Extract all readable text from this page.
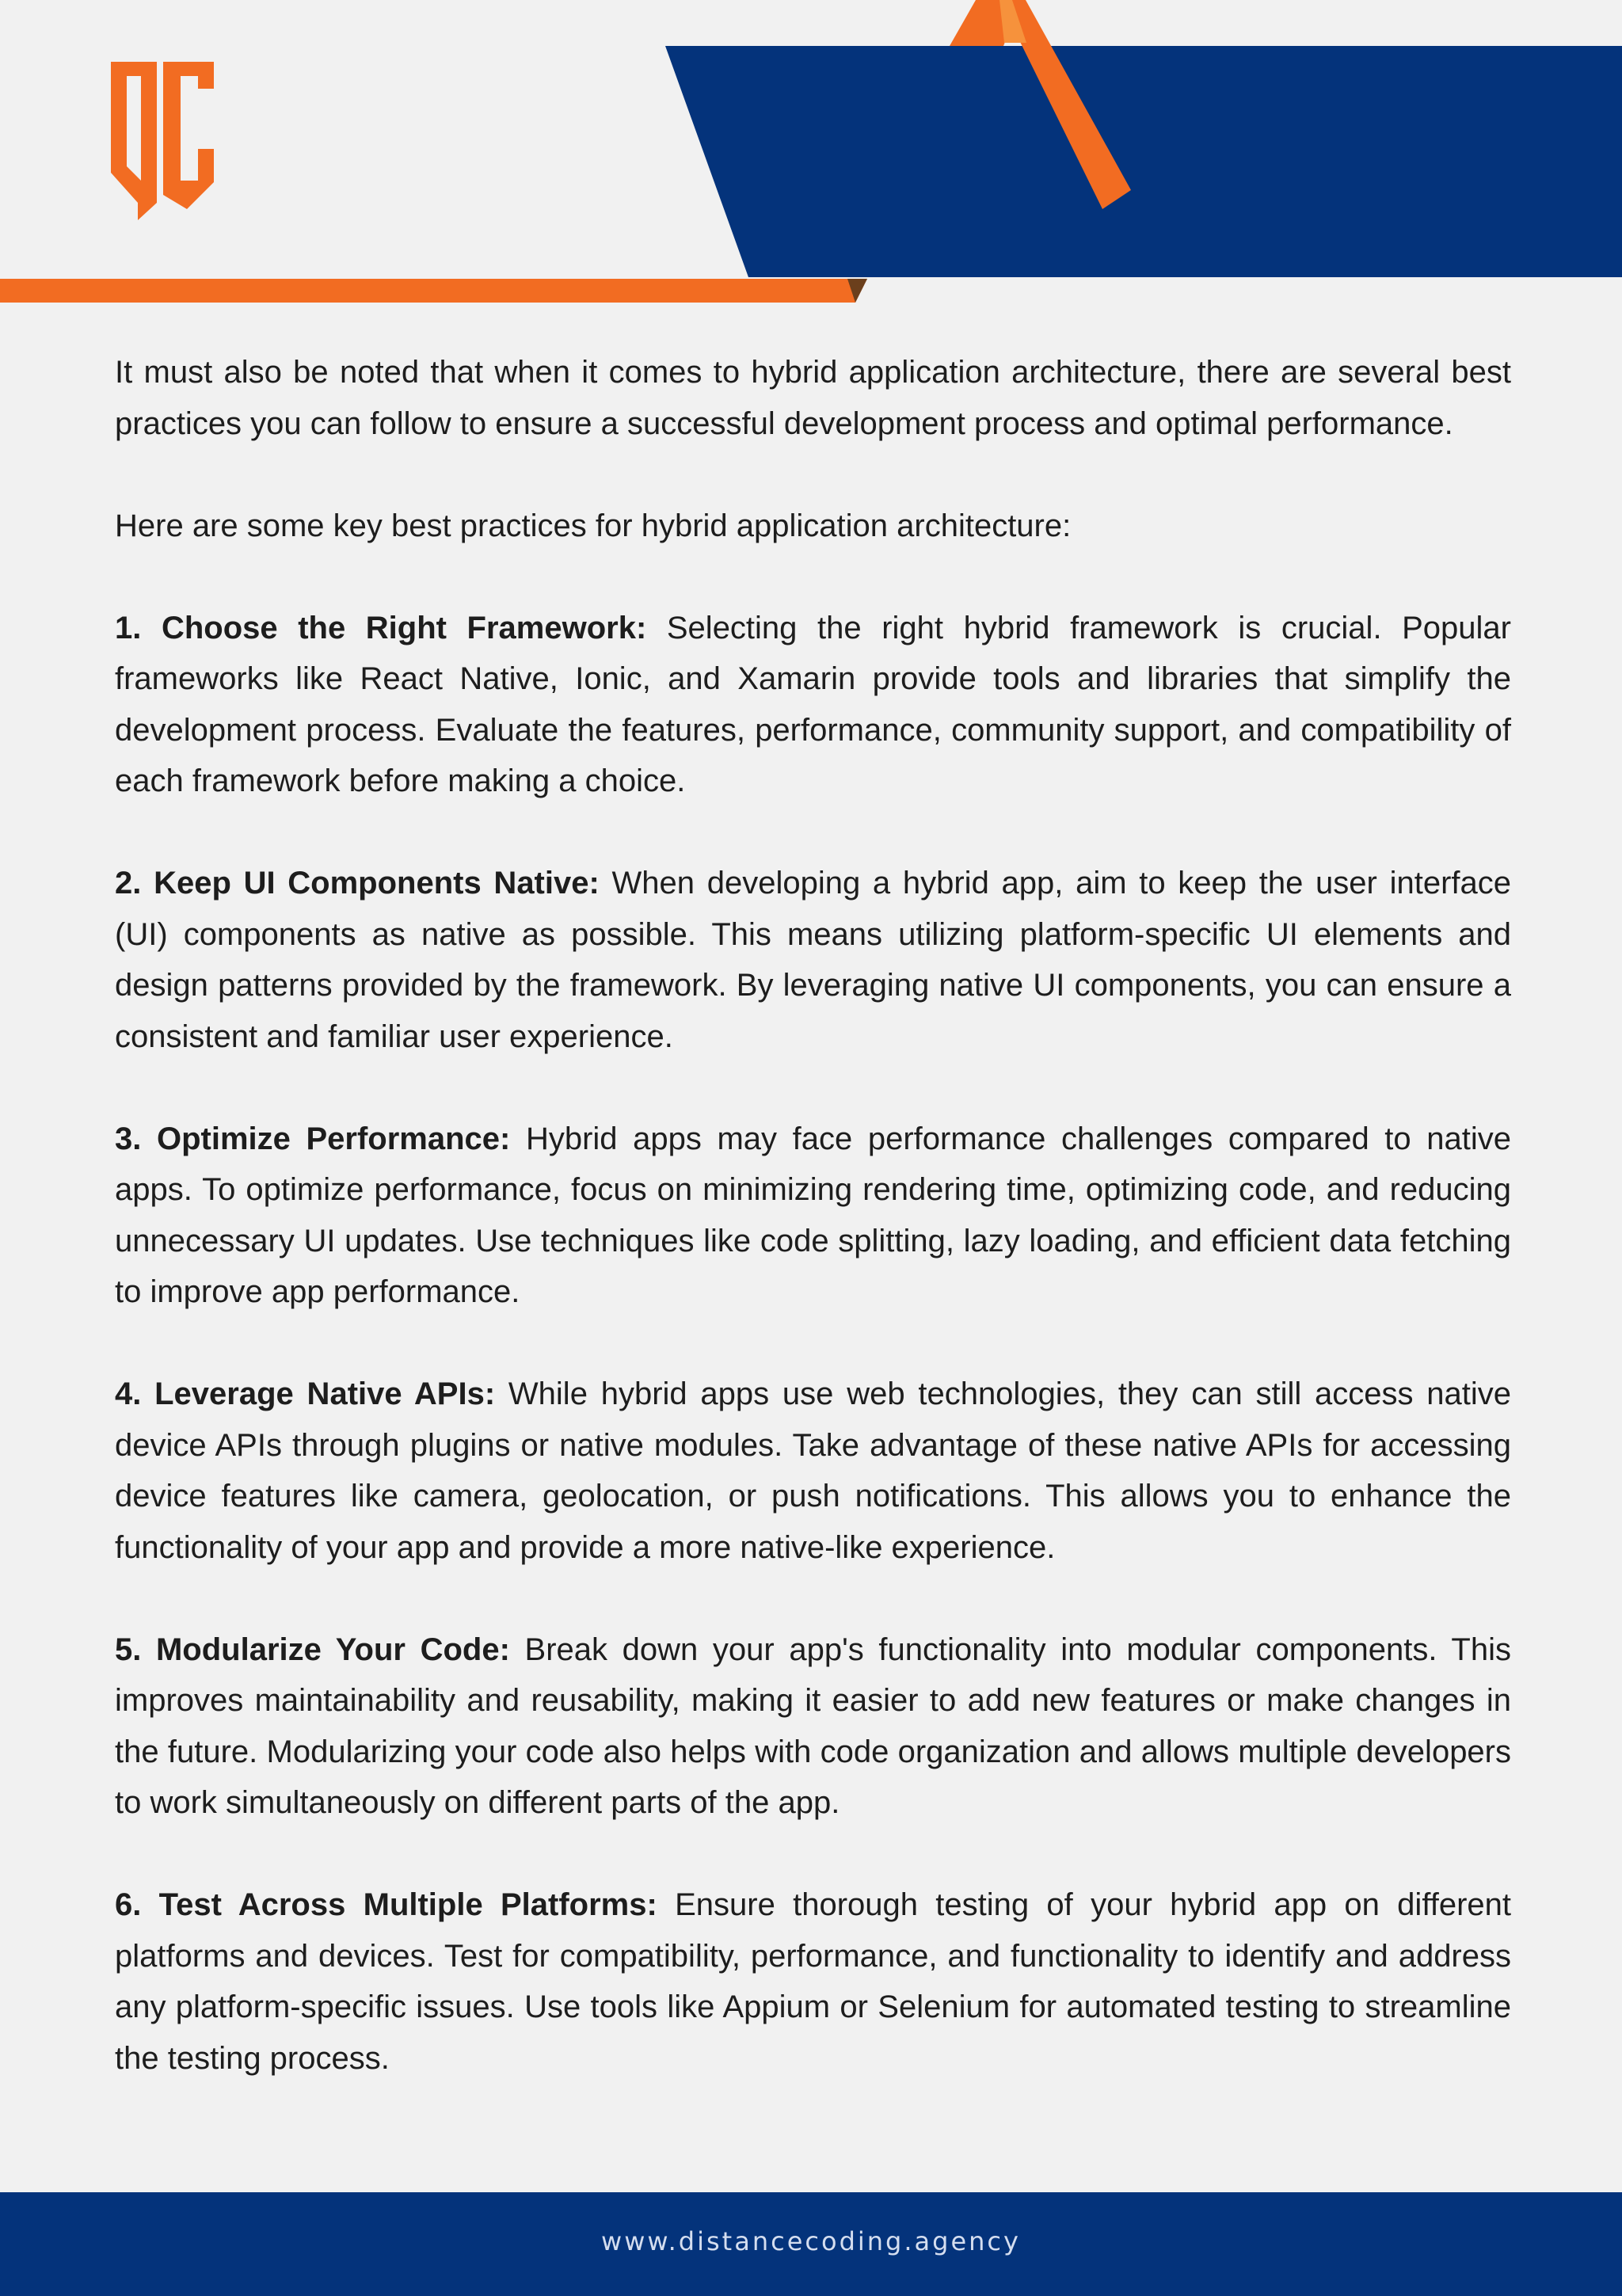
DC

It must also be noted that when it comes to hybrid application architecture, there are several best practices you can follow to ensure a successful development process and optimal performance.

Here are some key best practices for hybrid application architecture:

1. Choose the Right Framework: Selecting the right hybrid framework is crucial. Popular frameworks like React Native, Ionic, and Xamarin provide tools and libraries that simplify the development process. Evaluate the features, performance, community support, and compatibility of each framework before making a choice.

2. Keep UI Components Native: When developing a hybrid app, aim to keep the user interface (UI) components as native as possible. This means utilizing platform-specific UI elements and design patterns provided by the framework. By leveraging native UI components, you can ensure a consistent and familiar user experience.

3. Optimize Performance: Hybrid apps may face performance challenges compared to native apps. To optimize performance, focus on minimizing rendering time, optimizing code, and reducing unnecessary UI updates. Use techniques like code splitting, lazy loading, and efficient data fetching to improve app performance.

4. Leverage Native APIs: While hybrid apps use web technologies, they can still access native device APIs through plugins or native modules. Take advantage of these native APIs for accessing device features like camera, geolocation, or push notifications. This allows you to enhance the functionality of your app and provide a more native-like experience.

5. Modularize Your Code: Break down your app's functionality into modular components. This improves maintainability and reusability, making it easier to add new features or make changes in the future. Modularizing your code also helps with code organization and allows multiple developers to work simultaneously on different parts of the app.

6. Test Across Multiple Platforms: Ensure thorough testing of your hybrid app on different platforms and devices. Test for compatibility, performance, and functionality to identify and address any platform-specific issues. Use tools like Appium or Selenium for automated testing to streamline the testing process.

www.distancecoding.agency
